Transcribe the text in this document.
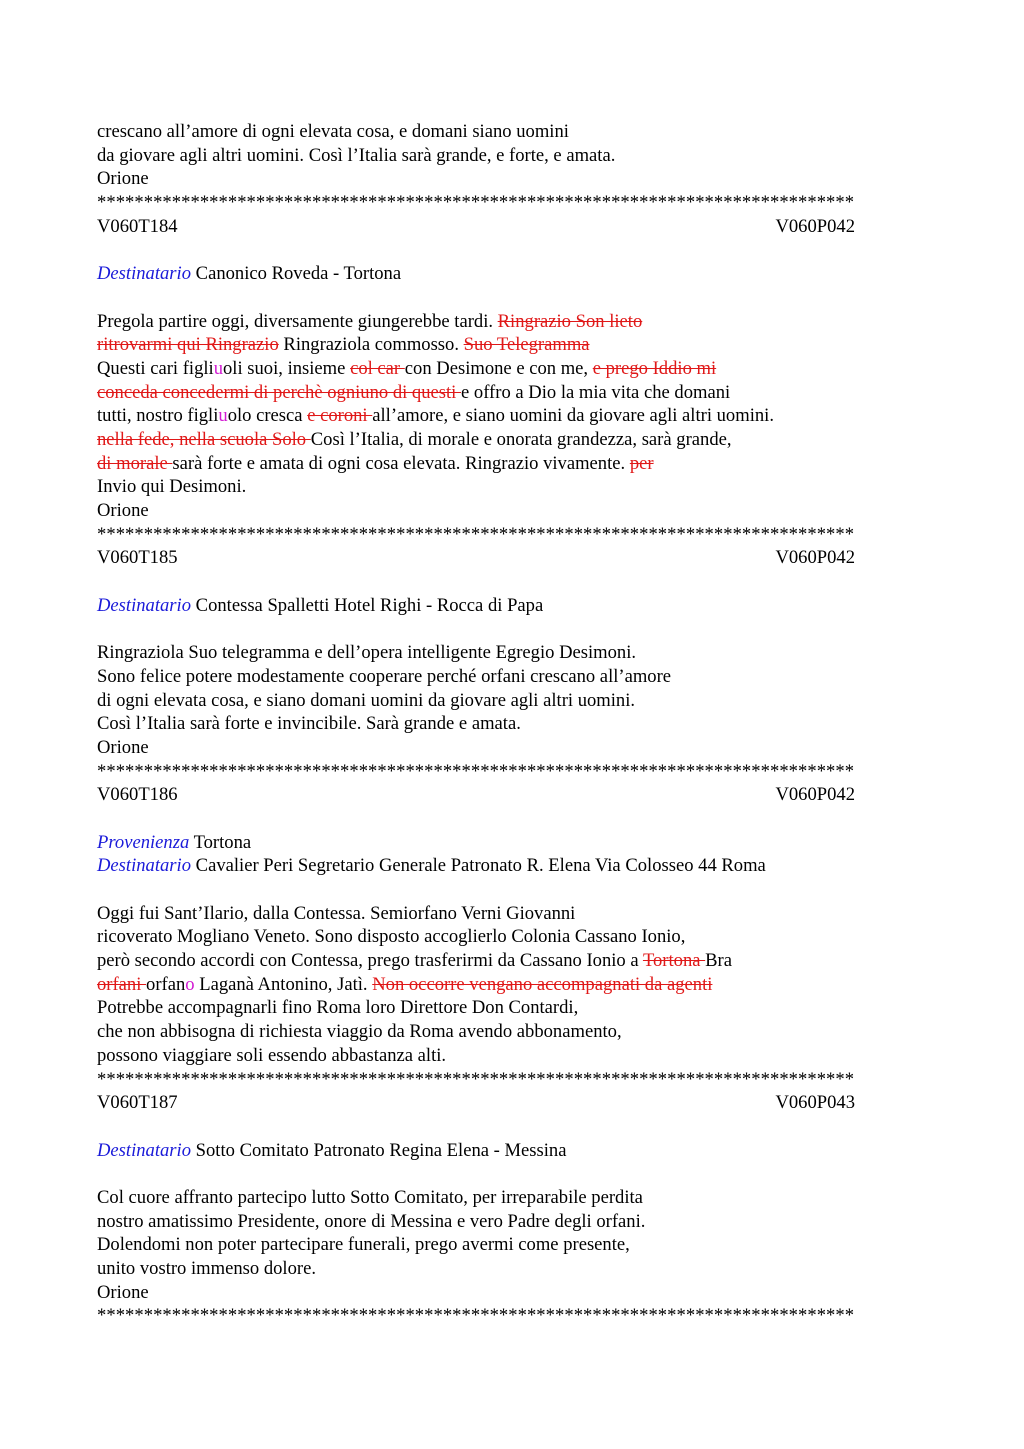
crescano all’amore di ogni elevata cosa, e domani siano uomini
da giovare agli altri uomini. Così l’Italia sarà grande, e forte, e amata.
Orione
*********************************************************************************
V060T184	V060P042
Destinatario Canonico Roveda - Tortona
Pregola partire oggi, diversamente giungerebbe tardi. Ringrazio Son lieto
ritrovarmi qui Ringrazio Ringraziola commosso. Suo Telegramma
Questi cari figliuoli suoi, insieme col car con Desimone e con me, e prego Iddio mi
conceda concedermi di perchè ogniuno di questi e offro a Dio la mia vita che domani
tutti, nostro figliuolo cresca e coroni all’amore, e siano uomini da giovare agli altri uomini.
nella fede, nella scuola Solo Così l’Italia, di morale e onorata grandezza, sarà grande,
di morale sarà forte e amata di ogni cosa elevata. Ringrazio vivamente. per
Invio qui Desimoni.
Orione
*********************************************************************************
V060T185	V060P042
Destinatario Contessa Spalletti Hotel Righi - Rocca di Papa
Ringraziola Suo telegramma e dell’opera intelligente Egregio Desimoni.
Sono felice potere modestamente cooperare perché orfani crescano all’amore
di ogni elevata cosa, e siano domani uomini da giovare agli altri uomini.
Così l’Italia sarà forte e invincibile. Sarà grande e amata.
Orione
*********************************************************************************
V060T186	V060P042
Provenienza Tortona
Destinatario Cavalier Peri Segretario Generale Patronato R. Elena Via Colosseo 44 Roma
Oggi fui Sant’Ilario, dalla Contessa. Semiorfano Verni Giovanni
ricoverato Mogliano Veneto. Sono disposto accoglierlo Colonia Cassano Ionio,
però secondo accordi con Contessa, prego trasferirmi da Cassano Ionio a Tortona Bra
orfani orfano Laganà Antonino, Jatì. Non occorre vengano accompagnati da agenti
Potrebbe accompagnarli fino Roma loro Direttore Don Contardi,
che non abbisogna di richiesta viaggio da Roma avendo abbonamento,
possono viaggiare soli essendo abbastanza alti.
*********************************************************************************
V060T187	V060P043
Destinatario Sotto Comitato Patronato Regina Elena - Messina
Col cuore affranto partecipo lutto Sotto Comitato, per irreparabile perdita
nostro amatissimo Presidente, onore di Messina e vero Padre degli orfani.
Dolendomi non poter partecipare funerali, prego avermi come presente,
unito vostro immenso dolore.
Orione
*********************************************************************************
